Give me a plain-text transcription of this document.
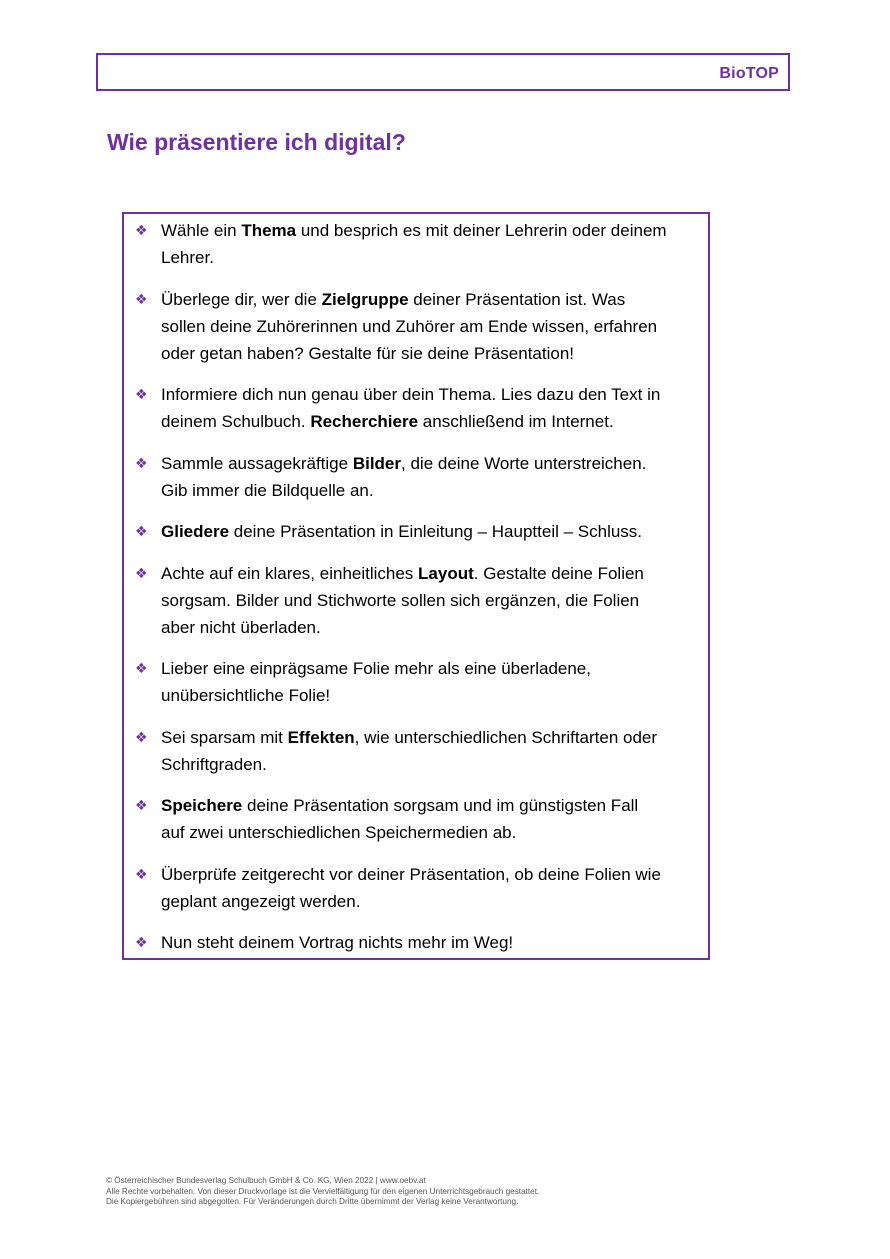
BioTOP
Wie präsentiere ich digital?
❖ Wähle ein Thema und besprich es mit deiner Lehrerin oder deinem
Lehrer.
❖ Überlege dir, wer die Zielgruppe deiner Präsentation ist. Was
sollen deine Zuhörerinnen und Zuhörer am Ende wissen, erfahren
oder getan haben? Gestalte für sie deine Präsentation!
❖ Informiere dich nun genau über dein Thema. Lies dazu den Text in
deinem Schulbuch. Recherchiere anschließend im Internet.
❖ Sammle aussagekräftige Bilder, die deine Worte unterstreichen.
Gib immer die Bildquelle an.
❖ Gliedere deine Präsentation in Einleitung – Hauptteil – Schluss.
❖ Achte auf ein klares, einheitliches Layout. Gestalte deine Folien
sorgsam. Bilder und Stichworte sollen sich ergänzen, die Folien
aber nicht überladen.
❖ Lieber eine einprägsame Folie mehr als eine überladene,
unübersichtliche Folie!
❖ Sei sparsam mit Effekten, wie unterschiedlichen Schriftarten oder
Schriftgraden.
❖ Speichere deine Präsentation sorgsam und im günstigsten Fall
auf zwei unterschiedlichen Speichermedien ab.
❖ Überprüfe zeitgerecht vor deiner Präsentation, ob deine Folien wie
geplant angezeigt werden.
❖ Nun steht deinem Vortrag nichts mehr im Weg!
© Österreichischer Bundesverlag Schulbuch GmbH & Co. KG, Wien 2022 | www.oebv.at
Alle Rechte vorbehalten. Von dieser Druckvorlage ist die Vervielfältigung für den eigenen Unterrichtsgebrauch gestattet.
Die Kopiergebühren sind abgegolten. Für Veränderungen durch Dritte übernimmt der Verlag keine Verantwortung.
